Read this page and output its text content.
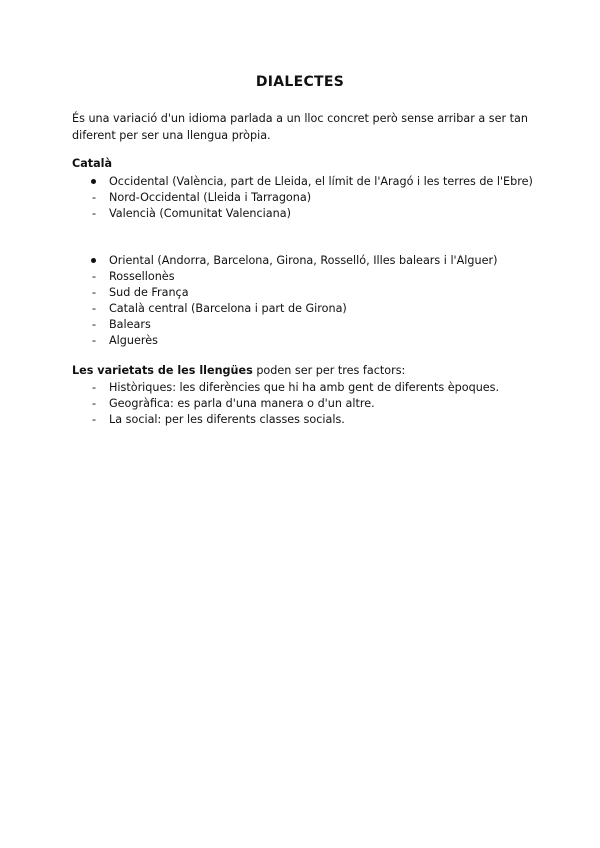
DIALECTES
És una variació d'un idioma parlada a un lloc concret però sense arribar a ser tan
diferent per ser una llengua pròpia.
Català
Occidental (València, part de Lleida, el límit de l'Aragó i les terres de l'Ebre)
-	Nord-Occidental (Lleida i Tarragona)
-	Valencià (Comunitat Valenciana)
Oriental (Andorra, Barcelona, Girona, Rosselló, Illes balears i l'Alguer)
-	Rossellonès
-	Sud de França
-	Català central (Barcelona i part de Girona)
-	Balears
-	Alguerès
Les varietats de les llengües poden ser per tres factors:
-	Històriques: les diferències que hi ha amb gent de diferents èpoques.
-	Geogràfica: es parla d'una manera o d'un altre.
-	La social: per les diferents classes socials.
